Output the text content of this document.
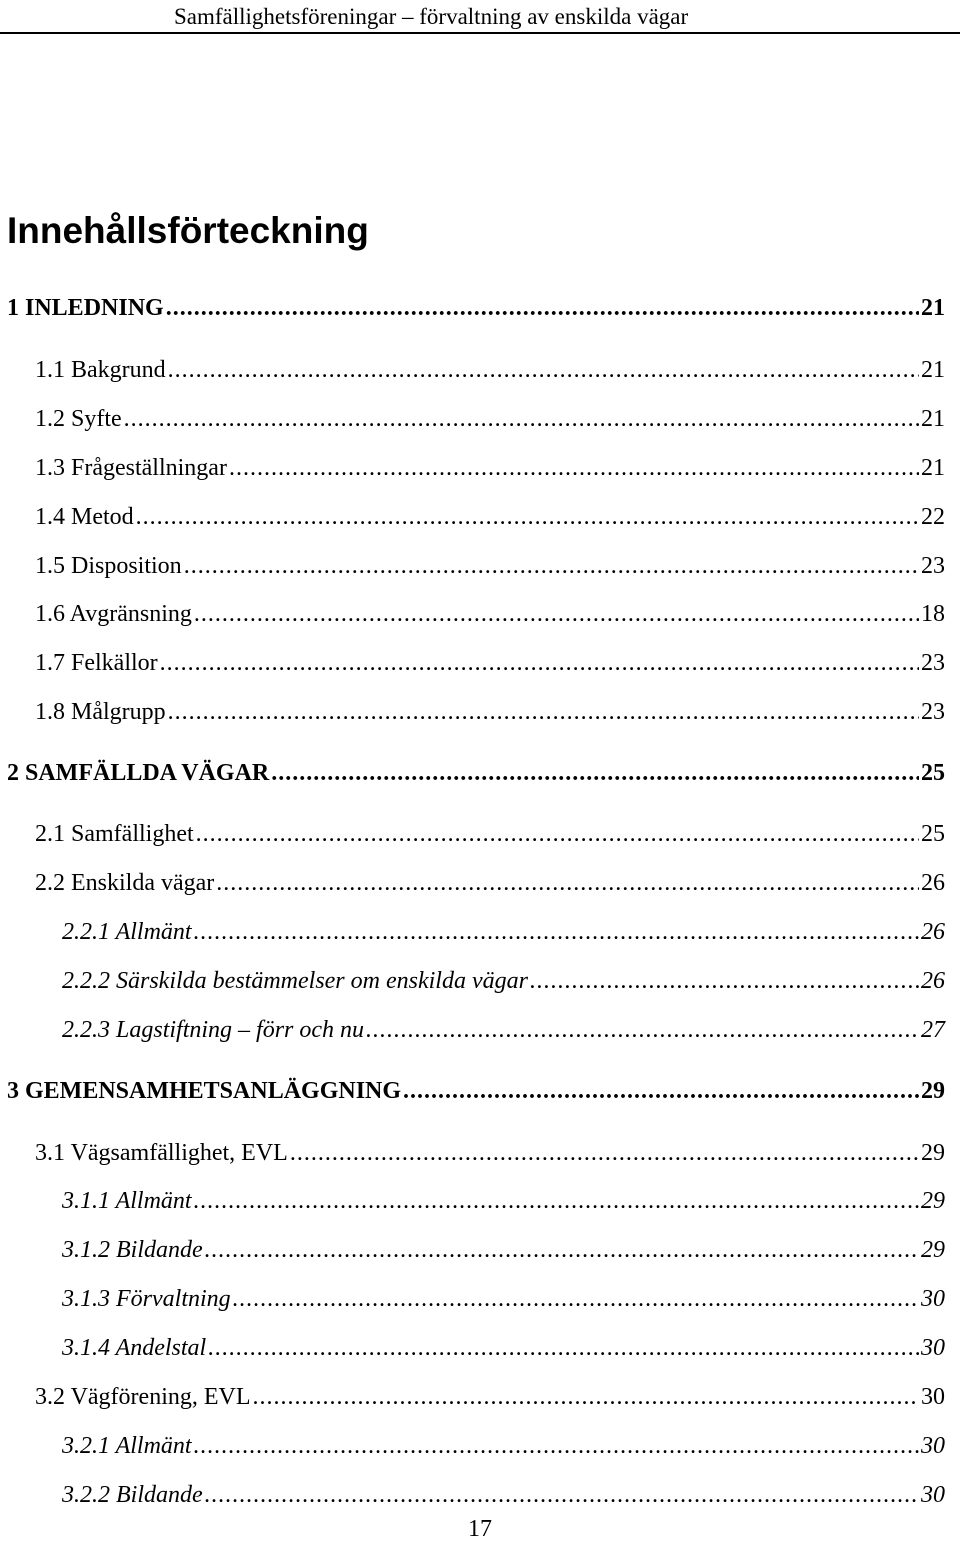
Samfällighetsföreningar – förvaltning av enskilda vägar
Innehållsförteckning
1 INLEDNING .....	21
1.1 Bakgrund .....	21
1.2 Syfte .....	21
1.3 Frågeställningar .....	21
1.4 Metod .....	22
1.5 Disposition .....	23
1.6 Avgränsning .....	18
1.7 Felkällor .....	23
1.8 Målgrupp .....	23
2 SAMFÄLLDA VÄGAR .....	25
2.1 Samfällighet .....	25
2.2 Enskilda vägar .....	26
2.2.1 Allmänt .....	26
2.2.2 Särskilda bestämmelser om enskilda vägar .....	26
2.2.3 Lagstiftning – förr och nu .....	27
3 GEMENSAMHETSANLÄGGNING .....	29
3.1 Vägsamfällighet, EVL .....	29
3.1.1 Allmänt .....	29
3.1.2 Bildande .....	29
3.1.3 Förvaltning .....	30
3.1.4 Andelstal .....	30
3.2 Vägförening, EVL .....	30
3.2.1 Allmänt .....	30
3.2.2 Bildande .....	30
17
